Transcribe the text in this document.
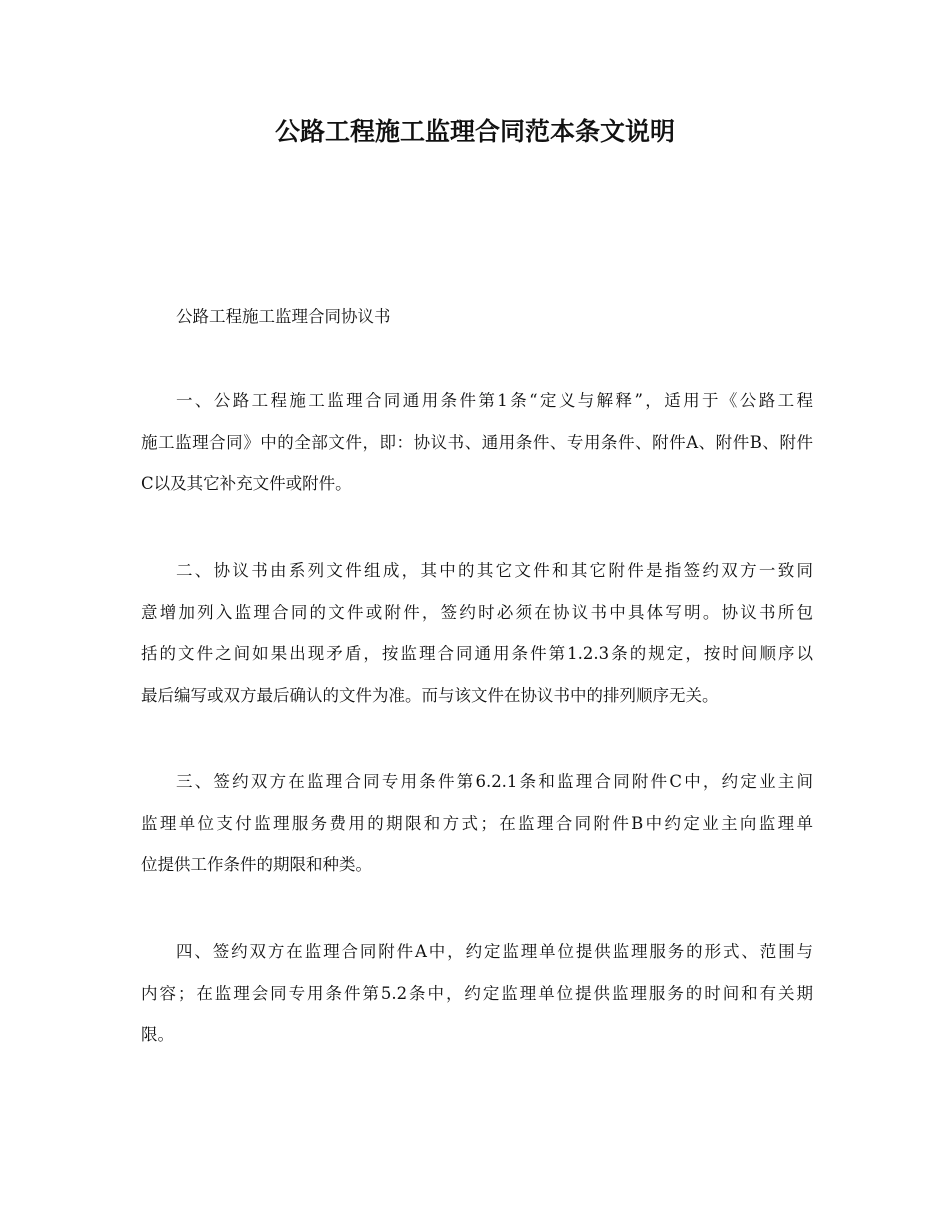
公路工程施工监理合同范本条文说明
公路工程施工监理合同协议书
一、公路工程施工监理合同通用条件第1条“定义与解释”，适用于《公路工程
施工监理合同》中的全部文件，即：协议书、通用条件、专用条件、附件A、附件B、附件
C以及其它补充文件或附件。
二、协议书由系列文件组成，其中的其它文件和其它附件是指签约双方一致同
意增加列入监理合同的文件或附件，签约时必须在协议书中具体写明。协议书所包
括的文件之间如果出现矛盾，按监理合同通用条件第1.2.3条的规定，按时间顺序以
最后编写或双方最后确认的文件为准。而与该文件在协议书中的排列顺序无关。
三、签约双方在监理合同专用条件第6.2.1条和监理合同附件C中，约定业主间
监理单位支付监理服务费用的期限和方式；在监理合同附件B中约定业主向监理单
位提供工作条件的期限和种类。
四、签约双方在监理合同附件A中，约定监理单位提供监理服务的形式、范围与
内容；在监理会同专用条件第5.2条中，约定监理单位提供监理服务的时间和有关期
限。
